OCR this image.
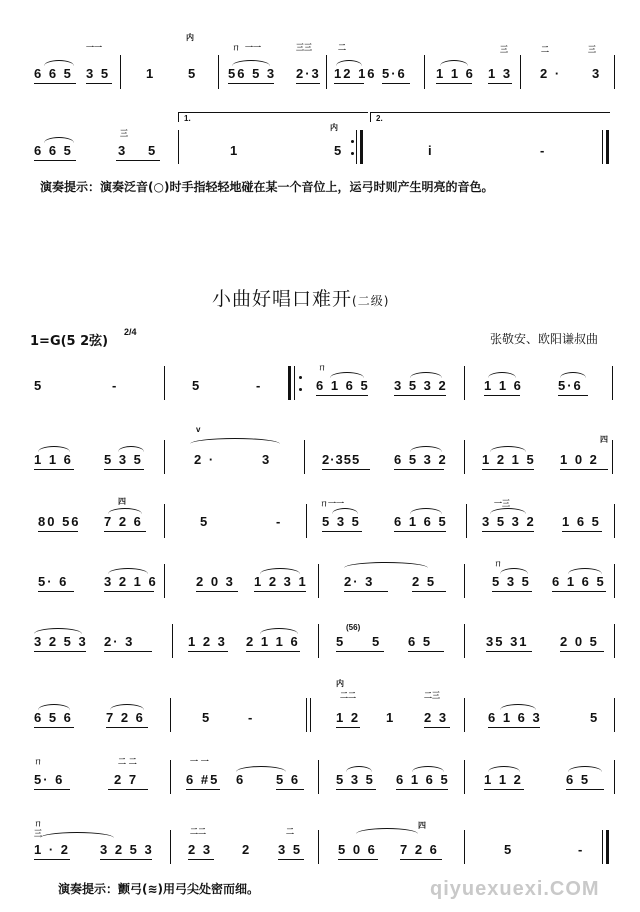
一一
内
ㄇ 一一	三三	二	三	二	三
6 6 5 3 5	1	5 56 5 3 2·3 12 16 5·6 1 1 6 1 3 2 · 3
1.	2.
三
内
6 6 5	3 5	1	5	i	-
演奏提示：演奏泛音(○)时手指轻轻地碰在某一个音位上，运弓时则产生明亮的音色。
小曲好唱口难开(二级)
1=G(5 2弦)
2/4	张敬安、欧阳谦叔曲
5	-	5	-
ㄇ
6 1 6 5 3 5 3 2	1 1 6	5·6
1 1 6 5 3 5
v
2 ·	3	2·355	6 5 3 2	1 2 1 5
四
1 0 2
80 56
四
7 2 6	5	-
ㄇ一一
5 3 5	6 1 6 5
一三
3 5 3 2 1 6 5
5· 6	3 2 1 6	2 0 3 1 2 3 1	2· 3	2 5
ㄇ
5 3 5 6 1 6 5
3 2 5 3 2· 3	1 2 3 2 1 1 6	5
(56)
5 6 5	35 31 2 0 5
6 5 6	7 2 6	5	-
内
二二
1 2 1
二三
2 3	6 1 6 3	5
ㄇ
5· 6
二 二
2 7
一 一
6 #5 6 5 6	5 3 5 6 1 6 5	1 1 2	6 5
ㄇ
三
1 · 2 3 2 5 3
二二
2 3 2
二
3 5
四
5 0 6 7 2 6	5	-
演奏提示：颤弓(≋)用弓尖处密而细。	qiyuexuexi.COM
